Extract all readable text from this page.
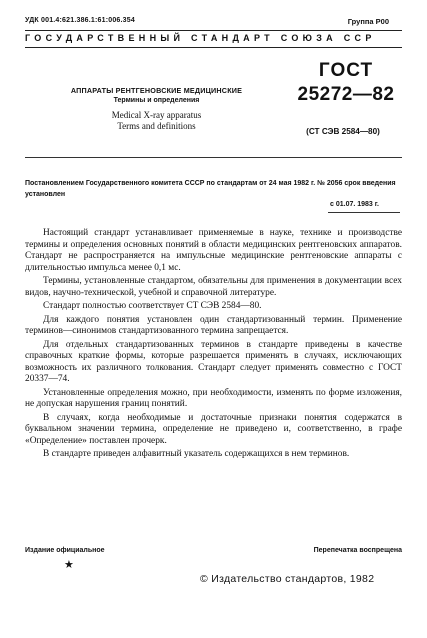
УДК 001.4:621.386.1:61:006.354	Группа Р00
ГОСУДАРСТВЕННЫЙ СТАНДАРТ СОЮЗА ССР
АППАРАТЫ РЕНТГЕНОВСКИЕ МЕДИЦИНСКИЕ
Термины и определения
Medical X-ray apparatus
Terms and definitions
ГОСТ
25272—82
(СТ СЭВ 2584—80)
Постановлением Государственного комитета СССР по стандартам от 24 мая 1982 г. № 2056 срок введения установлен
с 01.07. 1983 г.

Настоящий стандарт устанавливает применяемые в науке, технике и производстве термины и определения основных понятий в области медицинских рентгеновских аппаратов. Стандарт не распространяется на импульсные медицинские рентгеновские аппараты с длительностью импульса менее 0,1 мс.

Термины, установленные стандартом, обязательны для применения в документации всех видов, научно-технической, учебной и справочной литературе.

Стандарт полностью соответствует СТ СЭВ 2584—80.

Для каждого понятия установлен один стандартизованный термин. Применение терминов—синонимов стандартизованного термина запрещается.

Для отдельных стандартизованных терминов в стандарте приведены в качестве справочных краткие формы, которые разрешается применять в случаях, исключающих возможность их различного толкования. Стандарт следует применять совместно с ГОСТ 20337—74.

Установленные определения можно, при необходимости, изменять по форме изложения, не допуская нарушения границ понятий.

В случаях, когда необходимые и достаточные признаки понятия содержатся в буквальном значении термина, определение не приведено и, соответственно, в графе «Определение» поставлен прочерк.

В стандарте приведен алфавитный указатель содержащихся в нем терминов.

Издание официальное	Перепечатка воспрещена
★
© Издательство стандартов, 1982
